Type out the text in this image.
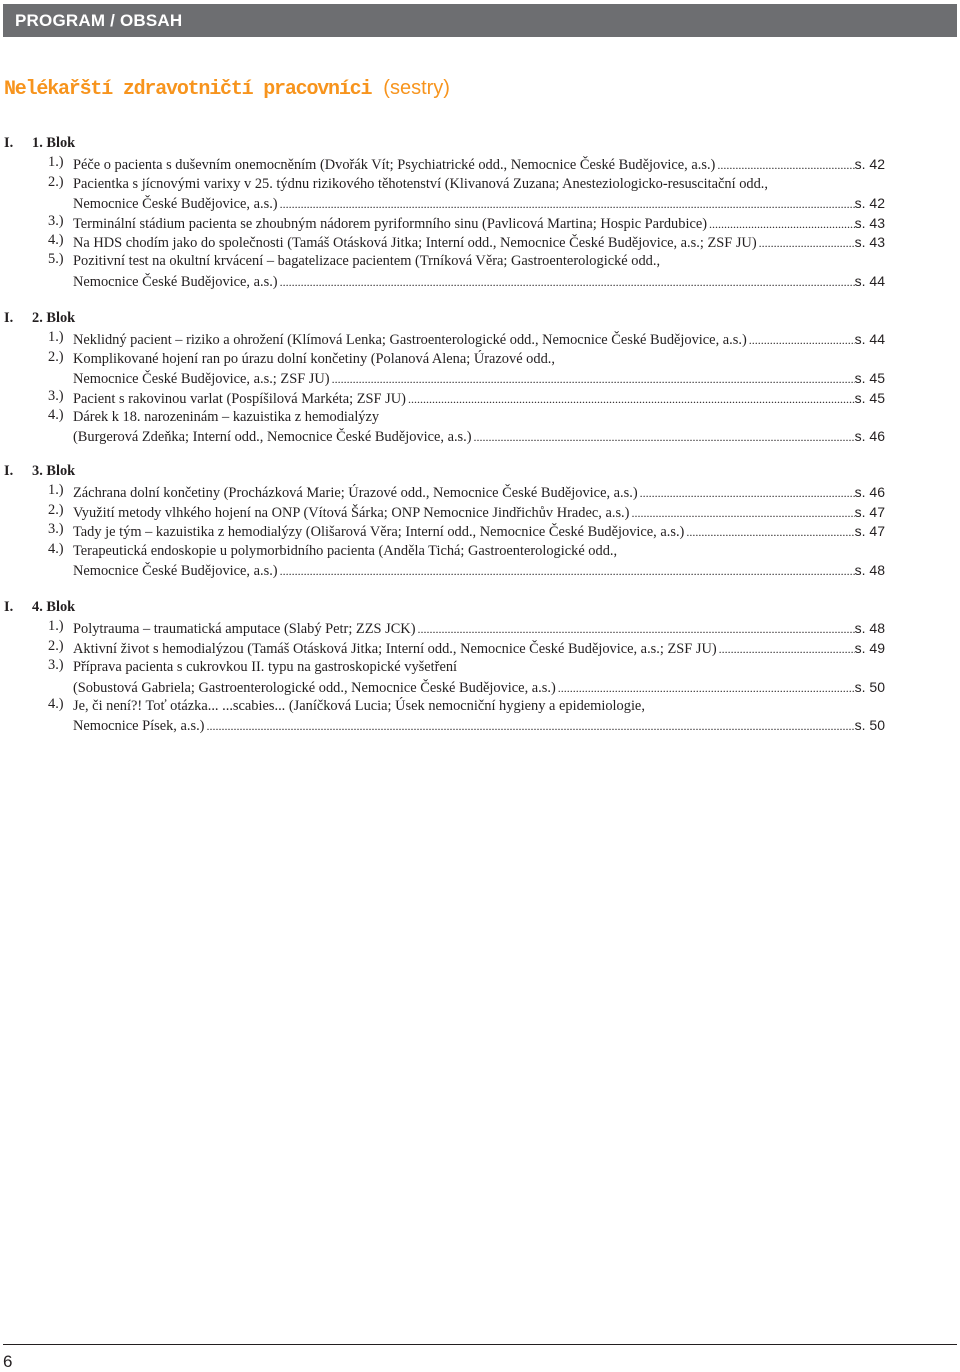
PROGRAM / OBSAH
Nelékařští zdravotničtí pracovníci (sestry)
I. 1. Blok
1.) Péče o pacienta s duševním onemocněním (Dvořák Vít; Psychiatrické odd., Nemocnice České Budějovice, a.s.) .....	s. 42
2.) Pacientka s jícnovými varixy v 25. týdnu rizikového těhotenství (Klivanová Zuzana; Anesteziologicko-resuscitační odd.,
Nemocnice České Budějovice, a.s.) .....	s. 42
3.) Terminální stádium pacienta se zhoubným nádorem pyriformního sinu (Pavlicová Martina; Hospic Pardubice) .....	s. 43
4.) Na HDS chodím jako do společnosti (Tamáš Otásková Jitka; Interní odd., Nemocnice České Budějovice, a.s.; ZSF JU) .....	s. 43
5.) Pozitivní test na okultní krvácení – bagatelizace pacientem (Trníková Věra; Gastroenterologické odd.,
Nemocnice České Budějovice, a.s.) .....	s. 44
I. 2. Blok
1.) Neklidný pacient – riziko a ohrožení (Klímová Lenka; Gastroenterologické odd., Nemocnice České Budějovice, a.s.) .....	s. 44
2.) Komplikované hojení ran po úrazu dolní končetiny (Polanová Alena; Úrazové odd.,
Nemocnice České Budějovice, a.s.; ZSF JU) .....	s. 45
3.) Pacient s rakovinou varlat (Pospíšilová Markéta; ZSF JU) .....	s. 45
4.) Dárek k 18. narozeninám – kazuistika z hemodialýzy
(Burgerová Zdeňka; Interní odd., Nemocnice České Budějovice, a.s.) .....	s. 46
I. 3. Blok
1.) Záchrana dolní končetiny (Procházková Marie; Úrazové odd., Nemocnice České Budějovice, a.s.) .....	s. 46
2.) Využití metody vlhkého hojení na ONP (Vítová Šárka; ONP Nemocnice Jindřichův Hradec, a.s.) .....	s. 47
3.) Tady je tým – kazuistika z hemodialýzy (Olišarová Věra; Interní odd., Nemocnice České Budějovice, a.s.) .....	s. 47
4.) Terapeutická endoskopie u polymorbidního pacienta (Anděla Tichá; Gastroenterologické odd.,
Nemocnice České Budějovice, a.s.) .....	s. 48
I. 4. Blok
1.) Polytrauma – traumatická amputace (Slabý Petr; ZZS JCK) .....	s. 48
2.) Aktivní život s hemodialýzou (Tamáš Otásková Jitka; Interní odd., Nemocnice České Budějovice, a.s.; ZSF JU) .....	s. 49
3.) Příprava pacienta s cukrovkou II. typu na gastroskopické vyšetření
(Sobustová Gabriela; Gastroenterologické odd., Nemocnice České Budějovice, a.s.) .....	s. 50
4.) Je, či není?! Toť otázka... ...scabies... (Janíčková Lucia; Úsek nemocniční hygieny a epidemiologie,
Nemocnice Písek, a.s.) .....	s. 50
6
